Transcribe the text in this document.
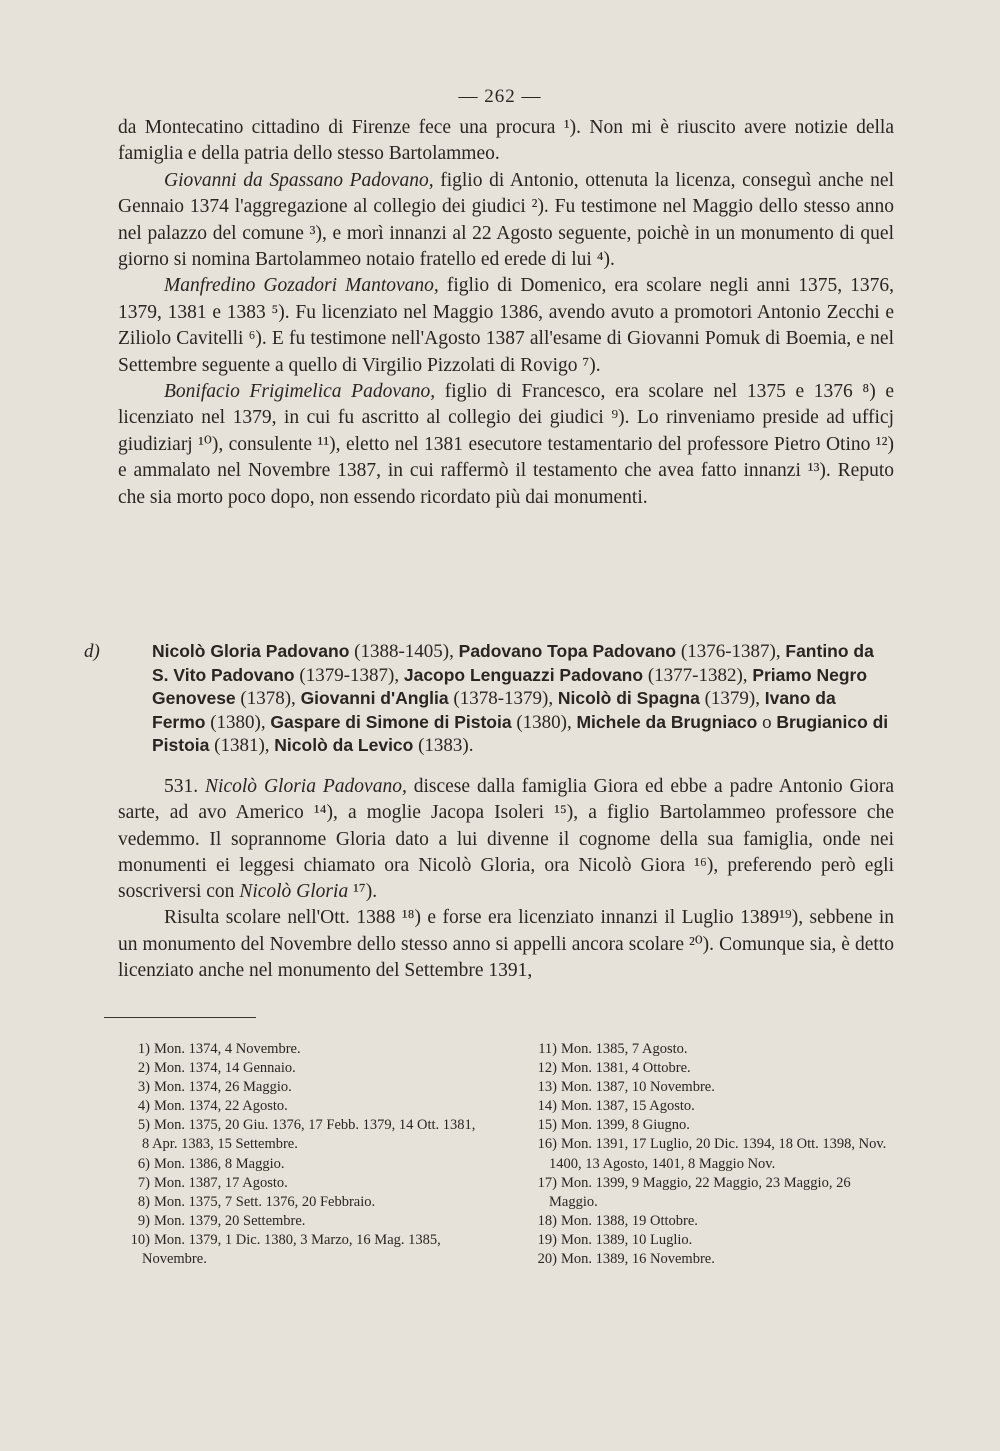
— 262 —

da Montecatino cittadino di Firenze fece una procura ¹). Non mi è riuscito avere notizie della famiglia e della patria dello stesso Bartolammeo.

Giovanni da Spassano Padovano, figlio di Antonio, ottenuta la licenza, conseguì anche nel Gennaio 1374 l'aggregazione al collegio dei giudici ²). Fu testimone nel Maggio dello stesso anno nel palazzo del comune ³), e morì innanzi al 22 Agosto seguente, poichè in un monumento di quel giorno si nomina Bartolammeo notaio fratello ed erede di lui ⁴).

Manfredino Gozadori Mantovano, figlio di Domenico, era scolare negli anni 1375, 1376, 1379, 1381 e 1383 ⁵). Fu licenziato nel Maggio 1386, avendo avuto a promotori Antonio Zecchi e Ziliolo Cavitelli ⁶). E fu testimone nell'Agosto 1387 all'esame di Giovanni Pomuk di Boemia, e nel Settembre seguente a quello di Virgilio Pizzolati di Rovigo ⁷).

Bonifacio Frigimelica Padovano, figlio di Francesco, era scolare nel 1375 e 1376 ⁸) e licenziato nel 1379, in cui fu ascritto al collegio dei giudici ⁹). Lo rinveniamo preside ad ufficj giudiziarj ¹⁰), consulente ¹¹), eletto nel 1381 esecutore testamentario del professore Pietro Otino ¹²) e ammalato nel Novembre 1387, in cui raffermò il testamento che avea fatto innanzi ¹³). Reputo che sia morto poco dopo, non essendo ricordato più dai monumenti.

d)	Nicolò Gloria Padovano (1388-1405), Padovano Topa Padovano (1376-1387), Fantino da S. Vito Padovano (1379-1387), Jacopo Lenguazzi Padovano (1377-1382), Priamo Negro Genovese (1378), Giovanni d'Anglia (1378-1379), Nicolò di Spagna (1379), Ivano da Fermo (1380), Gaspare di Simone di Pistoia (1380), Michele da Brugniaco o Brugianico di Pistoia (1381), Nicolò da Levico (1383).

531. Nicolò Gloria Padovano, discese dalla famiglia Giora ed ebbe a padre Antonio Giora sarte, ad avo Americo ¹⁴), a moglie Jacopa Isoleri ¹⁵), a figlio Bartolammeo professore che vedemmo. Il soprannome Gloria dato a lui divenne il cognome della sua famiglia, onde nei monumenti ei leggesi chiamato ora Nicolò Gloria, ora Nicolò Giora ¹⁶), preferendo però egli soscriversi con Nicolò Gloria ¹⁷).

Risulta scolare nell'Ott. 1388 ¹⁸) e forse era licenziato innanzi il Luglio 1389¹⁹), sebbene in un monumento del Novembre dello stesso anno si appelli ancora scolare ²⁰). Comunque sia, è detto licenziato anche nel monumento del Settembre 1391,

1) Mon. 1374, 4 Novembre.
2) Mon. 1374, 14 Gennaio.
3) Mon. 1374, 26 Maggio.
4) Mon. 1374, 22 Agosto.
5) Mon. 1375, 20 Giu. 1376, 17 Febb. 1379, 14 Ott. 1381, 8 Apr. 1383, 15 Settembre.
6) Mon. 1386, 8 Maggio.
7) Mon. 1387, 17 Agosto.
8) Mon. 1375, 7 Sett. 1376, 20 Febbraio.
9) Mon. 1379, 20 Settembre.
10) Mon. 1379, 1 Dic. 1380, 3 Marzo, 16 Mag. 1385, Novembre.
11) Mon. 1385, 7 Agosto.
12) Mon. 1381, 4 Ottobre.
13) Mon. 1387, 10 Novembre.
14) Mon. 1387, 15 Agosto.
15) Mon. 1399, 8 Giugno.
16) Mon. 1391, 17 Luglio, 20 Dic. 1394, 18 Ott. 1398, Nov. 1400, 13 Agosto, 1401, 8 Maggio Nov.
17) Mon. 1399, 9 Maggio, 22 Maggio, 23 Maggio, 26 Maggio.
18) Mon. 1388, 19 Ottobre.
19) Mon. 1389, 10 Luglio.
20) Mon. 1389, 16 Novembre.
